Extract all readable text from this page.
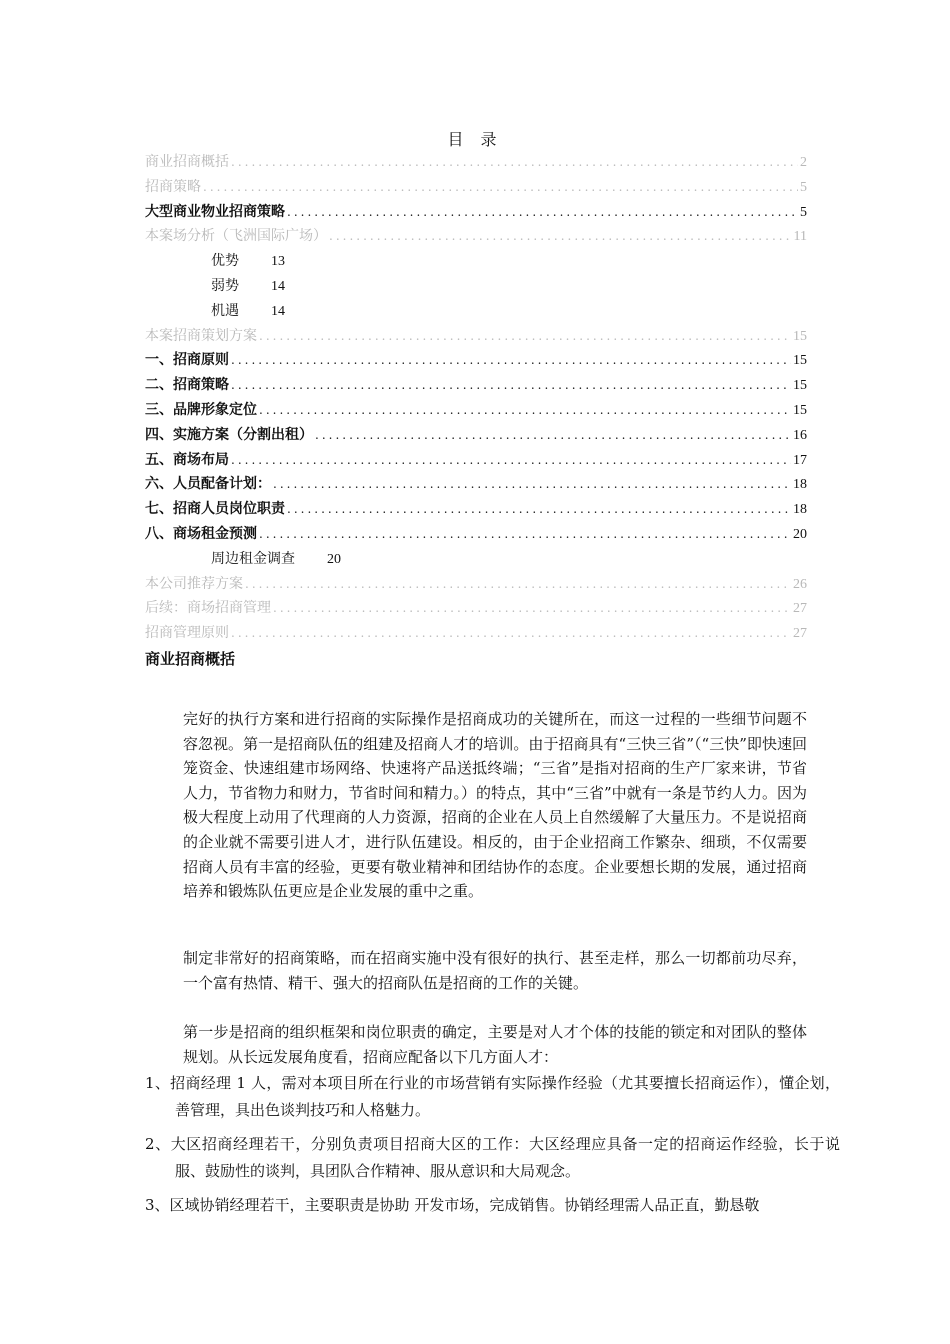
目 录
商业招商概括 .....	2
招商策略 .....	5
大型商业物业招商策略 .....	5
本案场分析（飞洲国际广场） .....	11
优势 13
弱势 14
机遇 14
本案招商策划方案 .....	15
一、招商原则 .....	15
二、招商策略 .....	15
三、品牌形象定位 .....	15
四、实施方案（分割出租） .....	16
五、商场布局 .....	17
六、人员配备计划： .....	18
七、招商人员岗位职责 .....	18
八、商场租金预测 .....	20
周边租金调查 20
本公司推荐方案 .....	26
后续：商场招商管理 .....	27
招商管理原则 .....	27
商业招商概括

完好的执行方案和进行招商的实际操作是招商成功的关键所在，而这一过程的一些细节问题不容忽视。第一是招商队伍的组建及招商人才的培训。由于招商具有“三快三省”（“三快”即快速回笼资金、快速组建市场网络、快速将产品送抵终端；“三省”是指对招商的生产厂家来讲，节省人力，节省物力和财力，节省时间和精力。）的特点，其中“三省”中就有一条是节约人力。因为极大程度上动用了代理商的人力资源，招商的企业在人员上自然缓解了大量压力。不是说招商的企业就不需要引进人才，进行队伍建设。相反的，由于企业招商工作繁杂、细琐，不仅需要招商人员有丰富的经验，更要有敬业精神和团结协作的态度。企业要想长期的发展，通过招商培养和锻炼队伍更应是企业发展的重中之重。

制定非常好的招商策略，而在招商实施中没有很好的执行、甚至走样，那么一切都前功尽弃，一个富有热情、精干、强大的招商队伍是招商的工作的关键。

第一步是招商的组织框架和岗位职责的确定，主要是对人才个体的技能的锁定和对团队的整体规划。从长远发展角度看，招商应配备以下几方面人才：

1、招商经理 1 人，需对本项目所在行业的市场营销有实际操作经验（尤其要擅长招商运作），懂企划，善管理，具出色谈判技巧和人格魅力。

2、大区招商经理若干，分别负责项目招商大区的工作：大区经理应具备一定的招商运作经验，长于说服、鼓励性的谈判，具团队合作精神、服从意识和大局观念。

3、区域协销经理若干，主要职责是协助 开发市场，完成销售。协销经理需人品正直，勤恳敬
